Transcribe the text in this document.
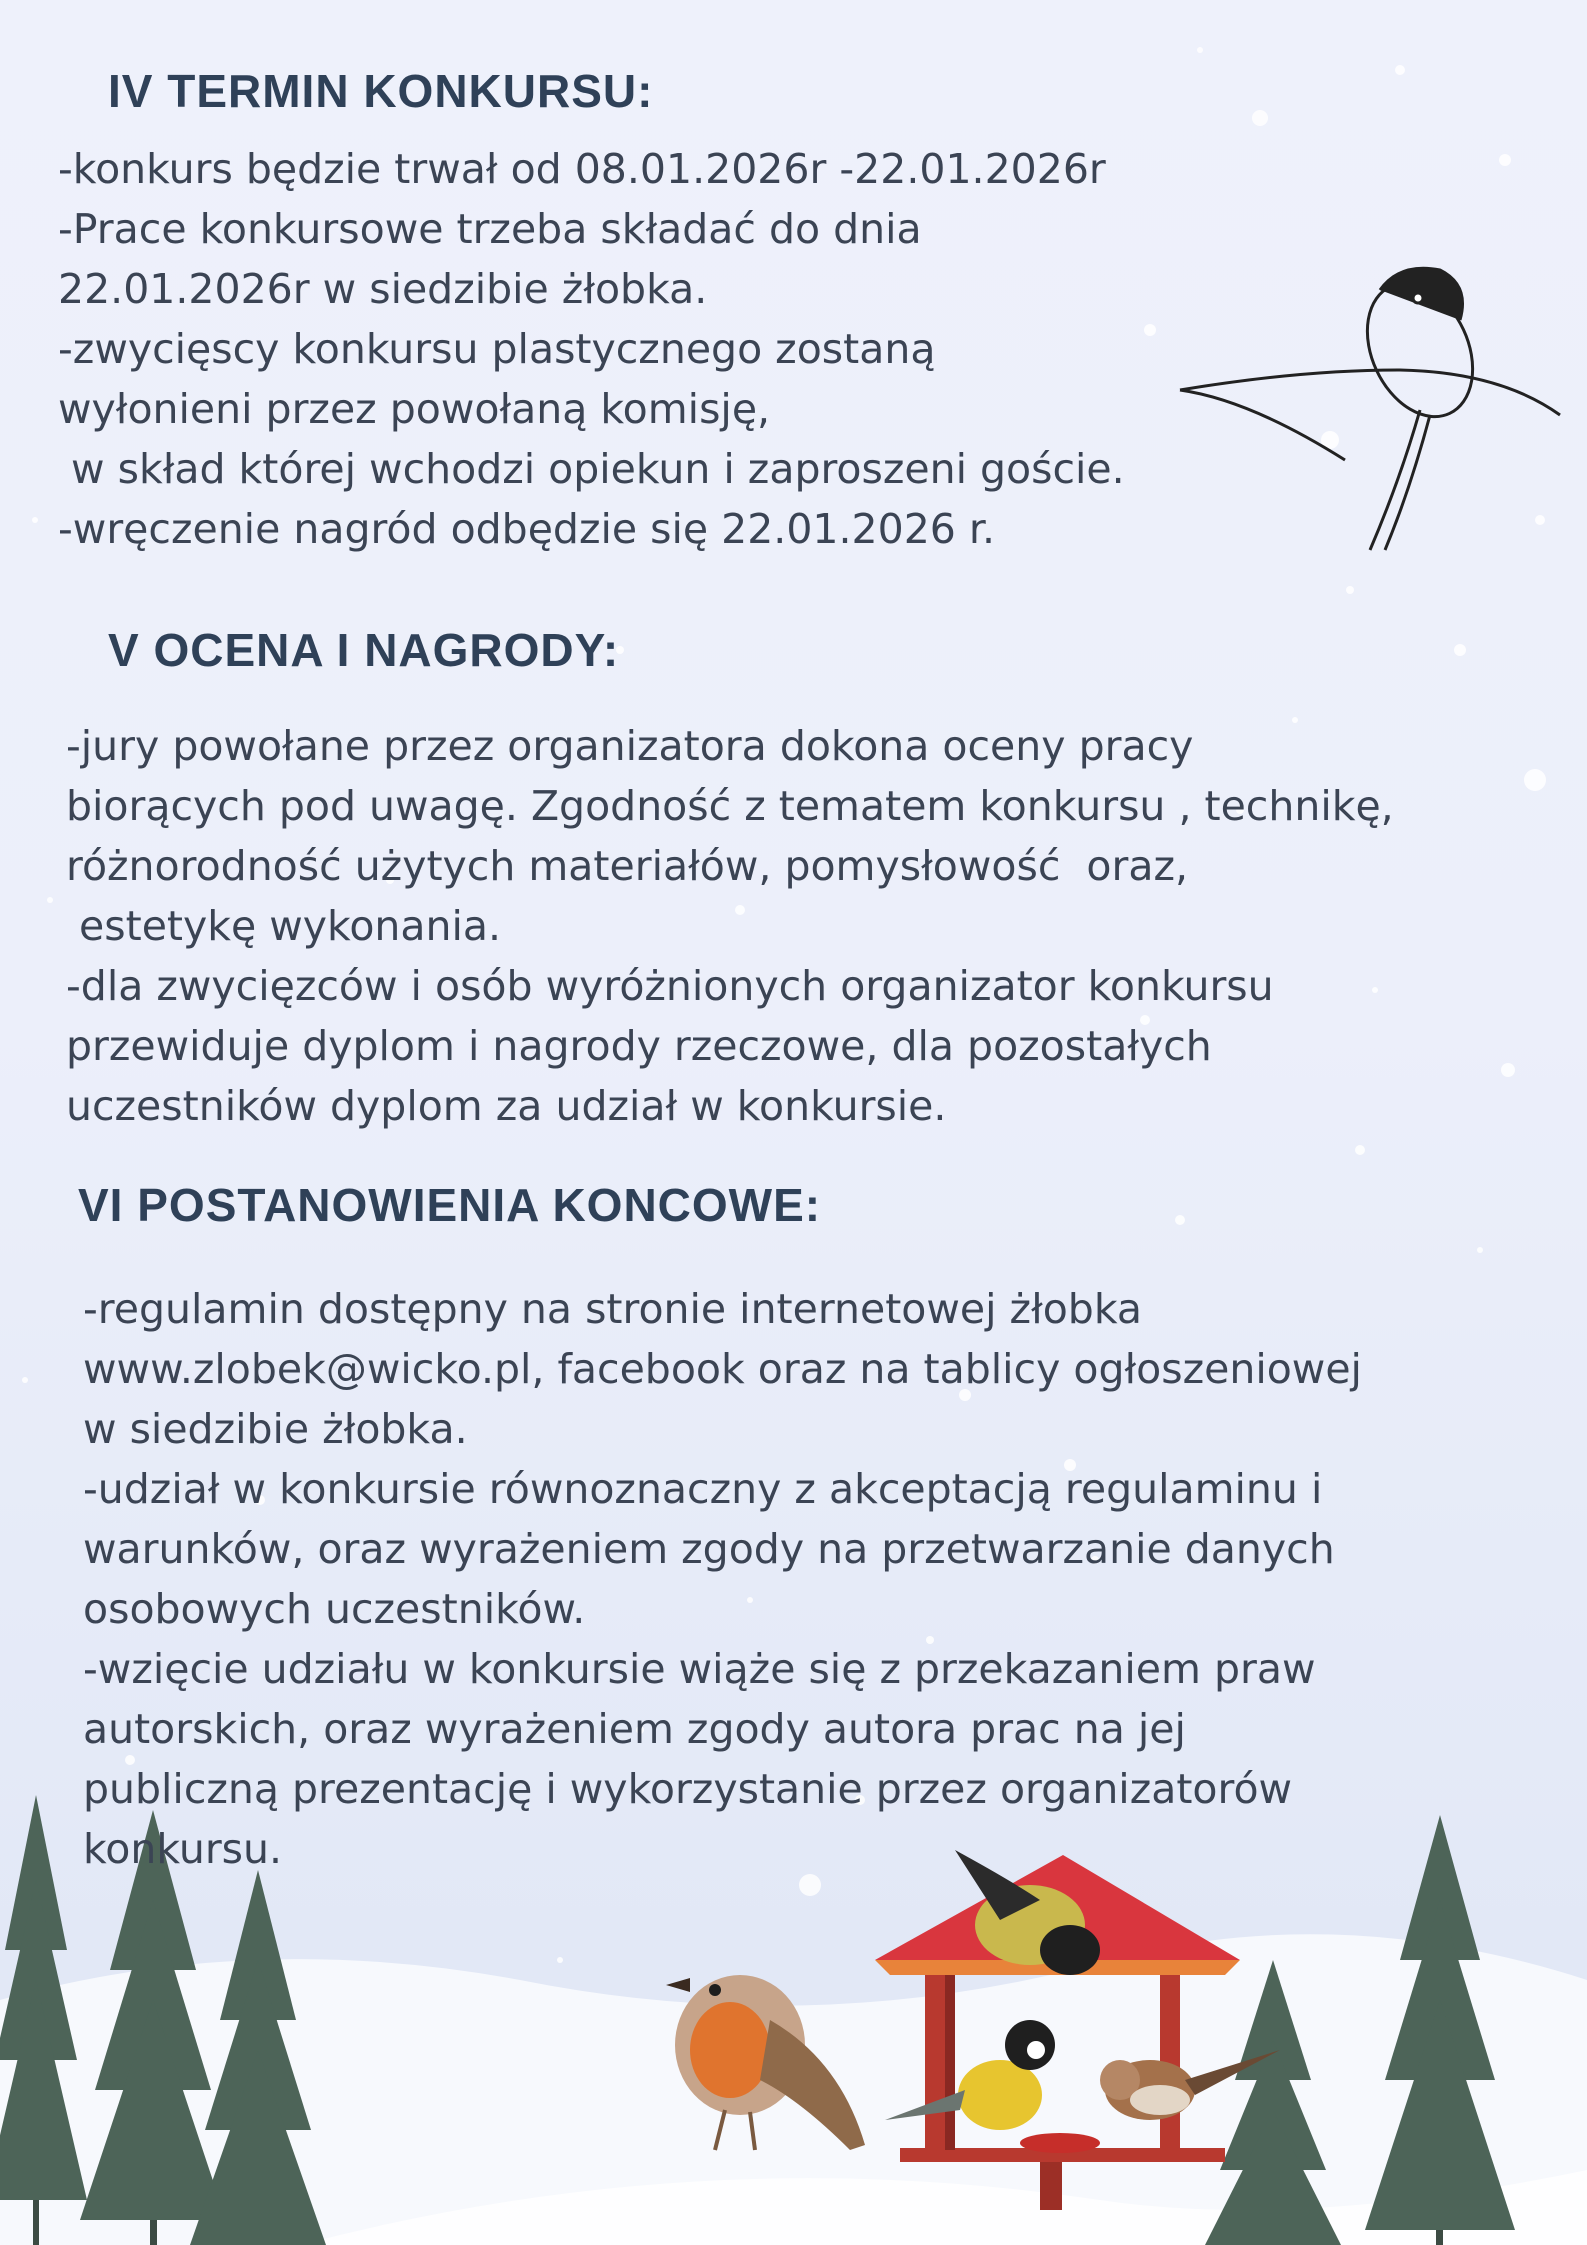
IV TERMIN KONKURSU:
-konkurs będzie trwał od 08.01.2026r -22.01.2026r
-Prace konkursowe trzeba składać do dnia
22.01.2026r w siedzibie żłobka.
-zwycięscy konkursu plastycznego zostaną
wyłonieni przez powołaną komisję,
w skład której wchodzi opiekun i zaproszeni goście.
-wręczenie nagród odbędzie się 22.01.2026 r.
V OCENA I NAGRODY:
-jury powołane przez organizatora dokona oceny pracy
biorących pod uwagę. Zgodność z tematem konkursu , technikę,
różnorodność użytych materiałów, pomysłowość  oraz,
estetykę wykonania.
-dla zwycięzców i osób wyróżnionych organizator konkursu
przewiduje dyplom i nagrody rzeczowe, dla pozostałych
uczestników dyplom za udział w konkursie.
VI POSTANOWIENIA KONCOWE:
-regulamin dostępny na stronie internetowej żłobka
www.zlobek@wicko.pl, facebook oraz na tablicy ogłoszeniowej
w siedzibie żłobka.
-udział w konkursie równoznaczny z akceptacją regulaminu i
warunków, oraz wyrażeniem zgody na przetwarzanie danych
osobowych uczestników.
-wzięcie udziału w konkursie wiąże się z przekazaniem praw
autorskich, oraz wyrażeniem zgody autora prac na jej
publiczną prezentację i wykorzystanie przez organizatorów
konkursu.
